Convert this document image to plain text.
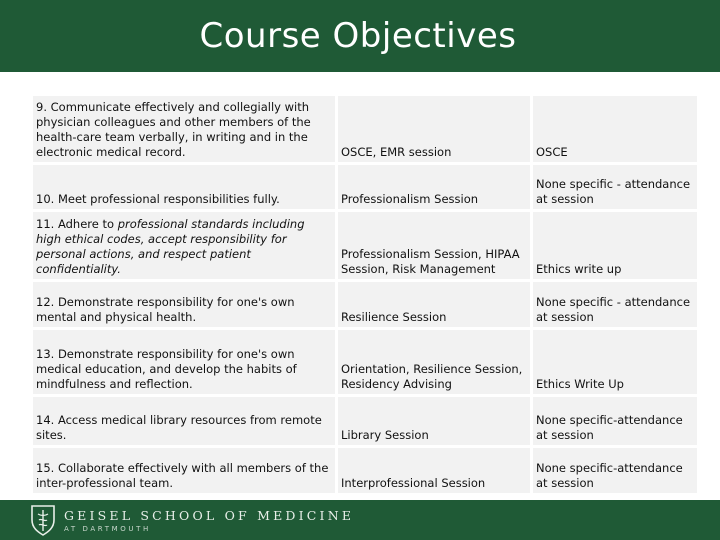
Course Objectives
9. Communicate effectively and collegially with physician colleagues and other members of the health-care team verbally, in writing and in the electronic medical record.	OSCE, EMR session	OSCE
10. Meet professional responsibilities fully.	Professionalism Session	None specific - attendance at session
11. Adhere to professional standards including high ethical codes, accept responsibility for personal actions, and respect patient confidentiality.	Professionalism Session, HIPAA Session, Risk Management	Ethics write up
12. Demonstrate responsibility for one's own mental and physical health.	Resilience Session	None specific - attendance at session
13. Demonstrate responsibility for one's own medical education, and develop the habits of mindfulness and reflection.	Orientation, Resilience Session, Residency Advising	Ethics Write Up
14. Access medical library resources from remote sites.	Library Session	None specific-attendance at session
15. Collaborate effectively with all members of the inter-professional team.	Interprofessional Session	None specific-attendance at session
GEISEL SCHOOL OF MEDICINE
AT DARTMOUTH
